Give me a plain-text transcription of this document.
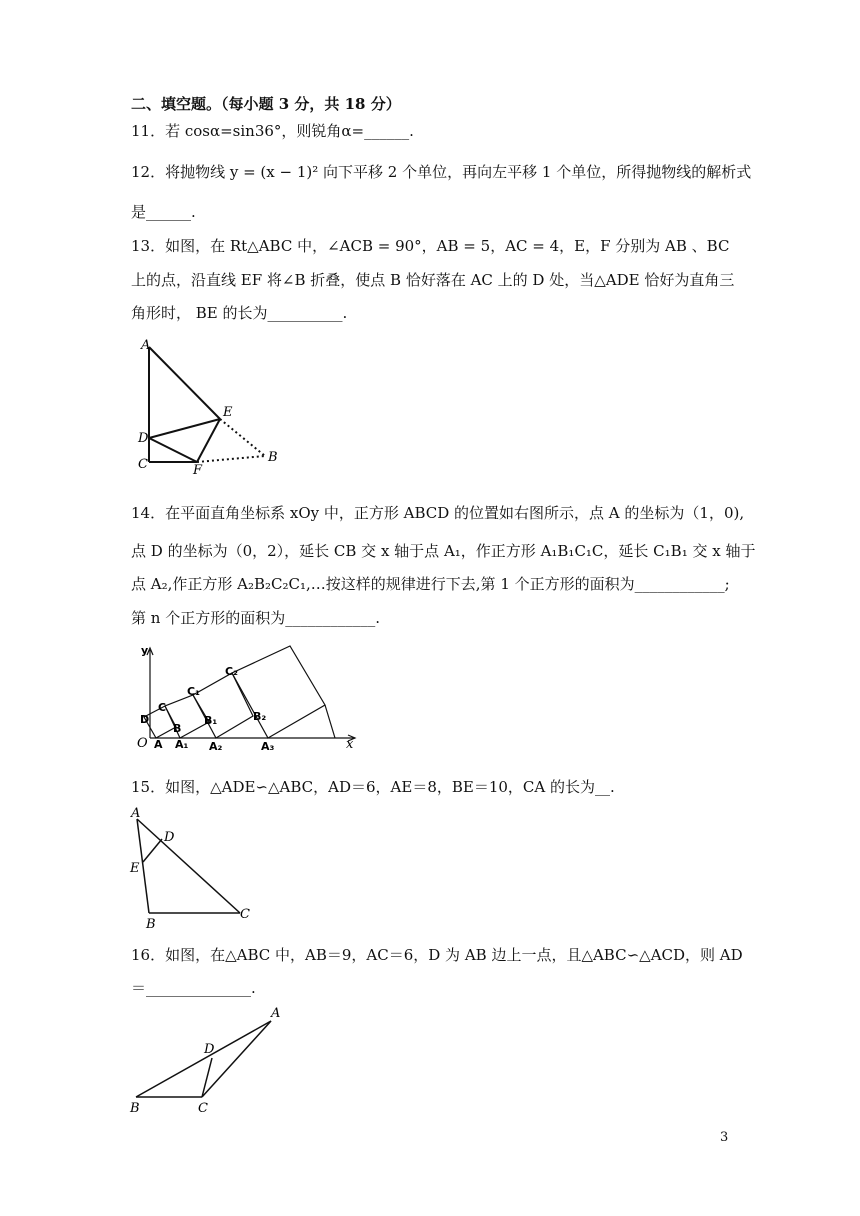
二、填空题。（每小题 3 分，共 18 分）
11．若 cosα=sin36°，则锐角α=______.
12．将抛物线 y = (x − 1)² 向下平移 2 个单位，再向左平移 1 个单位，所得抛物线的解析式
是______.
13．如图，在 Rt△ABC 中，∠ACB = 90°，AB = 5，AC = 4，E，F 分别为 AB 、BC
上的点，沿直线 EF 将∠B 折叠，使点 B 恰好落在 AC 上的 D 处，当△ADE 恰好为直角三
角形时， BE 的长为__________.
A
D
C
E
F
B
14．在平面直角坐标系 xOy 中，正方形 ABCD 的位置如右图所示，点 A 的坐标为（1，0),
点 D 的坐标为（0，2），延长 CB 交 x 轴于点 A₁，作正方形 A₁B₁C₁C，延长 C₁B₁ 交 x 轴于
点 A₂,作正方形 A₂B₂C₂C₁,…按这样的规律进行下去,第 1 个正方形的面积为____________;
第 n 个正方形的面积为____________.
y
x
O
D
C
B
A A₁ A₂	A₃
B₁	B₂
C₁
C₂
15．如图，△ADE∽△ABC，AD＝6，AE＝8，BE＝10，CA 的长为__.
A
D
E
B
C
16．如图，在△ABC 中，AB＝9，AC＝6，D 为 AB 边上一点，且△ABC∽△ACD，则 AD
＝______________.
A
D
B	C
3
